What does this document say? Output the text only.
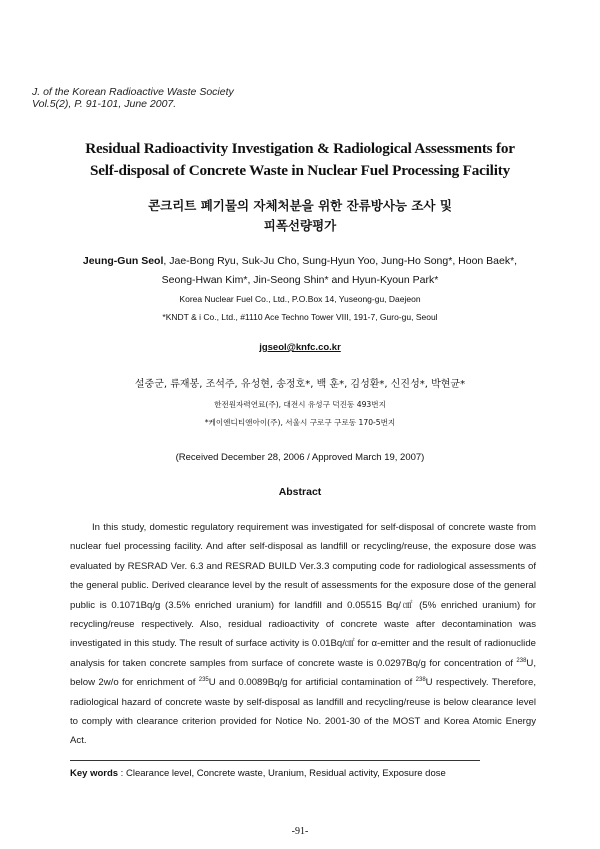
J. of the Korean Radioactive Waste Society
Vol.5(2), P. 91-101, June 2007.
Residual Radioactivity Investigation & Radiological Assessments for
Self-disposal of Concrete Waste in Nuclear Fuel Processing Facility
콘크리트 폐기물의 자체처분을 위한 잔류방사능 조사 및
피폭선량평가
Jeung-Gun Seol, Jae-Bong Ryu, Suk-Ju Cho, Sung-Hyun Yoo, Jung-Ho Song*, Hoon Baek*,
Seong-Hwan Kim*, Jin-Seong Shin* and Hyun-Kyoun Park*
Korea Nuclear Fuel Co., Ltd., P.O.Box 14, Yuseong-gu, Daejeon
*KNDT & i Co., Ltd., #1110 Ace Techno Tower VIII, 191-7, Guro-gu, Seoul
jgseol@knfc.co.kr
설중군, 류재봉, 조석주, 유성현, 송정호*, 백 훈*, 김성환*, 신진성*, 박현균*
한전원자력연료(주), 대전시 유성구 덕진동 493번지
*케이엔디티앤아이(주), 서울시 구로구 구로동 170-5번지
(Received December 28, 2006 / Approved March 19, 2007)
Abstract

In this study, domestic regulatory requirement was investigated for self-disposal of concrete waste from nuclear fuel processing facility. And after self-disposal as landfill or recycling/reuse, the exposure dose was evaluated by RESRAD Ver. 6.3 and RESRAD BUILD Ver.3.3 computing code for radiological assessments of the general public. Derived clearance level by the result of assessments for the exposure dose of the general public is 0.1071Bq/g (3.5% enriched uranium) for landfill and 0.05515 Bq/㎠ (5% enriched uranium) for recycling/reuse respectively. Also, residual radioactivity of concrete waste after decontamination was investigated in this study. The result of surface activity is 0.01Bq/㎠ for α-emitter and the result of radionuclide analysis for taken concrete samples from surface of concrete waste is 0.0297Bq/g for concentration of $^{238}$U, below 2w/o for enrichment of $^{235}$U and 0.0089Bq/g for artificial contamination of $^{238}$U respectively. Therefore, radiological hazard of concrete waste by self-disposal as landfill and recycling/reuse is below clearance level to comply with clearance criterion provided for Notice No. 2001-30 of the MOST and Korea Atomic Energy Act.

Key words : Clearance level, Concrete waste, Uranium, Residual activity, Exposure dose
-91-
